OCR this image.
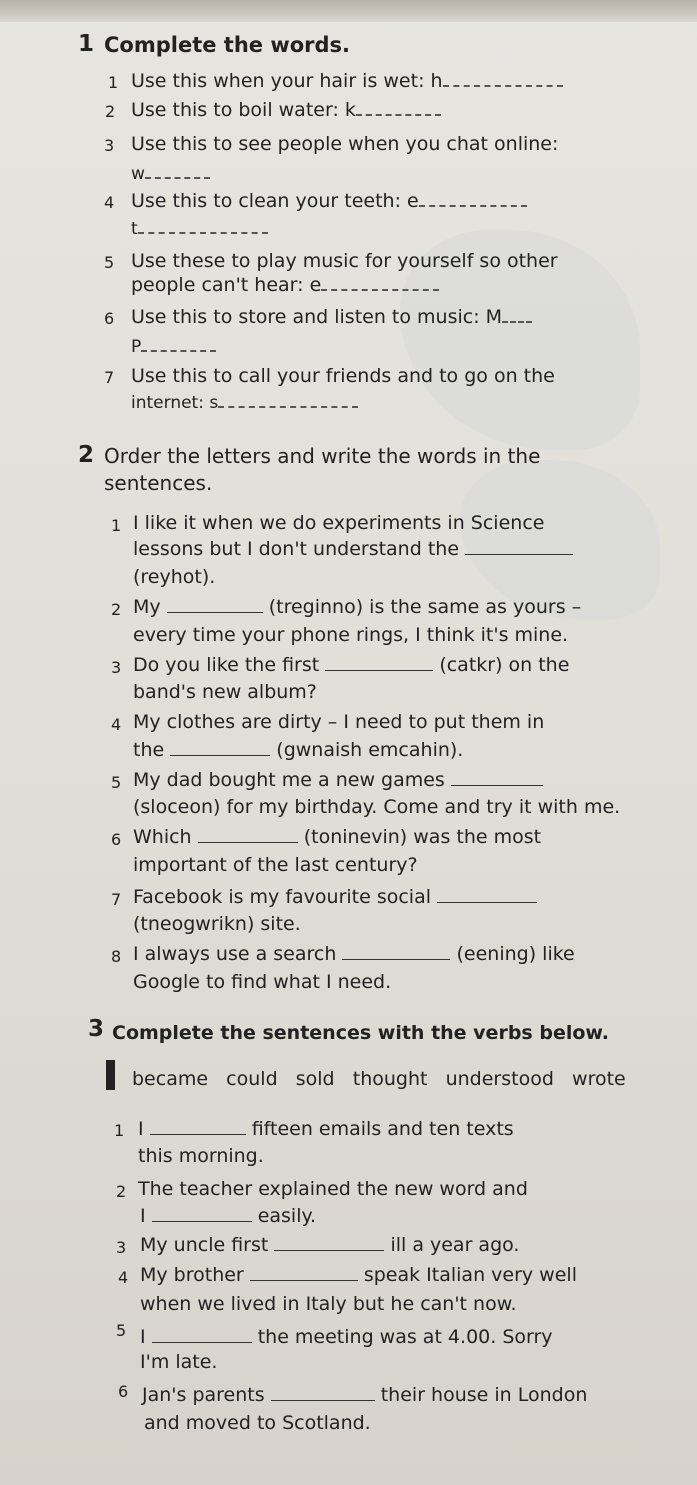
1 Complete the words.
1 Use this when your hair is wet: h
2 Use this to boil water: k
3 Use this to see people when you chat online:
w
4 Use this to clean your teeth: e
t
5 Use these to play music for yourself so other
people can't hear: e
6 Use this to store and listen to music: M
P
7 Use this to call your friends and to go on the
internet: s
2 Order the letters and write the words in the
sentences.
1 I like it when we do experiments in Science
lessons but I don't understand the
(reyhot).
2 My	(treginno) is the same as yours –
every time your phone rings, I think it's mine.
3 Do you like the first	(catkr) on the
band's new album?
4 My clothes are dirty – I need to put them in
the	(gwnaish emcahin).
5 My dad bought me a new games
(sloceon) for my birthday. Come and try it with me.
6 Which	(toninevin) was the most
important of the last century?
7 Facebook is my favourite social
(tneogwrikn) site.
8 I always use a search	(eening) like
Google to find what I need.
3 Complete the sentences with the verbs below.
became could sold thought understood wrote
1 I	fifteen emails and ten texts
this morning.
2 The teacher explained the new word and
I	easily.
3 My uncle first	ill a year ago.
4 My brother	speak Italian very well
when we lived in Italy but he can't now.
5 I	the meeting was at 4.00. Sorry
I'm late.
6 Jan's parents	their house in London
and moved to Scotland.
